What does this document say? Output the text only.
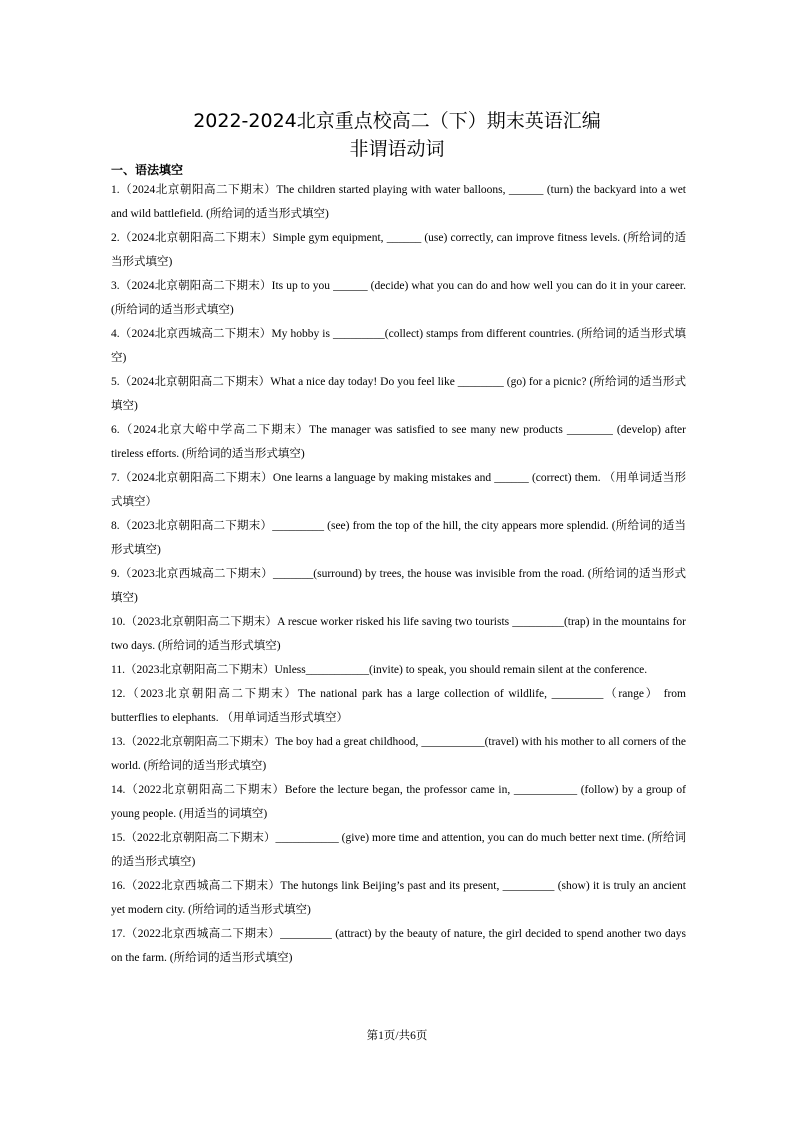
2022-2024北京重点校高二（下）期末英语汇编
非谓语动词
一、语法填空

1.（2024北京朝阳高二下期末）The children started playing with water balloons, ______ (turn) the backyard into a wet and wild battlefield. (所给词的适当形式填空)

2.（2024北京朝阳高二下期末）Simple gym equipment, ______ (use) correctly, can improve fitness levels. (所给词的适当形式填空)

3.（2024北京朝阳高二下期末）Its up to you ______ (decide) what you can do and how well you can do it in your career. (所给词的适当形式填空)

4.（2024北京西城高二下期末）My hobby is _________(collect) stamps from different countries. (所给词的适当形式填空)

5.（2024北京朝阳高二下期末）What a nice day today! Do you feel like ________ (go) for a picnic? (所给词的适当形式填空)

6.（2024北京大峪中学高二下期末）The manager was satisfied to see many new products ________ (develop) after tireless efforts. (所给词的适当形式填空)

7.（2024北京朝阳高二下期末）One learns a language by making mistakes and ______ (correct) them. （用单词适当形式填空）

8.（2023北京朝阳高二下期末）_________ (see) from the top of the hill, the city appears more splendid. (所给词的适当形式填空)

9.（2023北京西城高二下期末）_______(surround) by trees, the house was invisible from the road. (所给词的适当形式填空)

10.（2023北京朝阳高二下期末）A rescue worker risked his life saving two tourists _________(trap) in the mountains for two days. (所给词的适当形式填空)

11.（2023北京朝阳高二下期末）Unless___________(invite) to speak, you should remain silent at the conference.

12.（2023北京朝阳高二下期末）The national park has a large collection of wildlife, _________（range） from butterflies to elephants. （用单词适当形式填空）

13.（2022北京朝阳高二下期末）The boy had a great childhood, ___________(travel) with his mother to all corners of the world. (所给词的适当形式填空)

14.（2022北京朝阳高二下期末）Before the lecture began, the professor came in, ___________ (follow) by a group of young people. (用适当的词填空)

15.（2022北京朝阳高二下期末）___________ (give) more time and attention, you can do much better next time. (所给词的适当形式填空)

16.（2022北京西城高二下期末）The hutongs link Beijing’s past and its present, _________ (show) it is truly an ancient yet modern city. (所给词的适当形式填空)

17.（2022北京西城高二下期末）_________ (attract) by the beauty of nature, the girl decided to spend another two days on the farm. (所给词的适当形式填空)

第1页/共6页
